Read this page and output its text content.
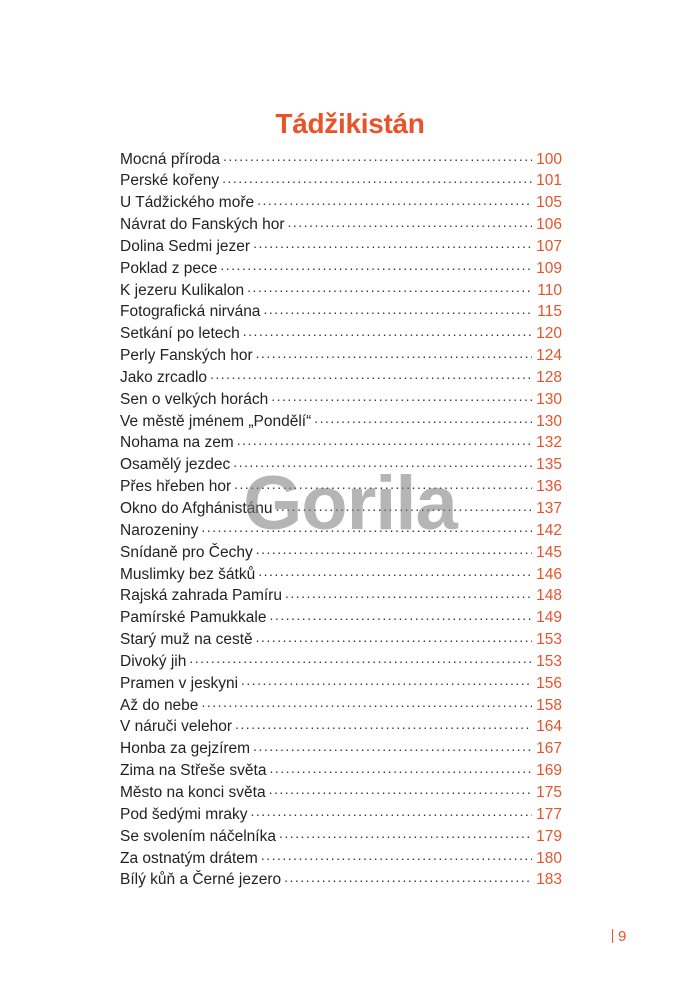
Tádžikistán
Mocná příroda . . .	100
Perské kořeny . . .	101
U Tádžického moře . . .	105
Návrat do Fanských hor . . .	106
Dolina Sedmi jezer . . .	107
Poklad z pece . . .	109
K jezeru Kulikalon . . .	110
Fotografická nirvána . . .	115
Setkání po letech . . .	120
Perly Fanských hor . . .	124
Jako zrcadlo . . .	128
Sen o velkých horách . . .	130
Ve městě jménem „Pondělí“ . . .	130
Nohama na zem . . .	132
Osamělý jezdec . . .	135
Přes hřeben hor . . .	136
Okno do Afghánistánu . . .	137
Narozeniny . . .	142
Snídaně pro Čechy . . .	145
Muslimky bez šátků . . .	146
Rajská zahrada Pamíru . . .	148
Pamírské Pamukkale . . .	149
Starý muž na cestě . . .	153
Divoký jih . . .	153
Pramen v jeskyni . . .	156
Až do nebe . . .	158
V náruči velehor . . .	164
Honba za gejzírem . . .	167
Zima na Střeše světa . . .	169
Město na konci světa . . .	175
Pod šedými mraky . . .	177
Se svolením náčelníka . . .	179
Za ostnatým drátem . . .	180
Bílý kůň a Černé jezero . . .	183
Gorila
9
